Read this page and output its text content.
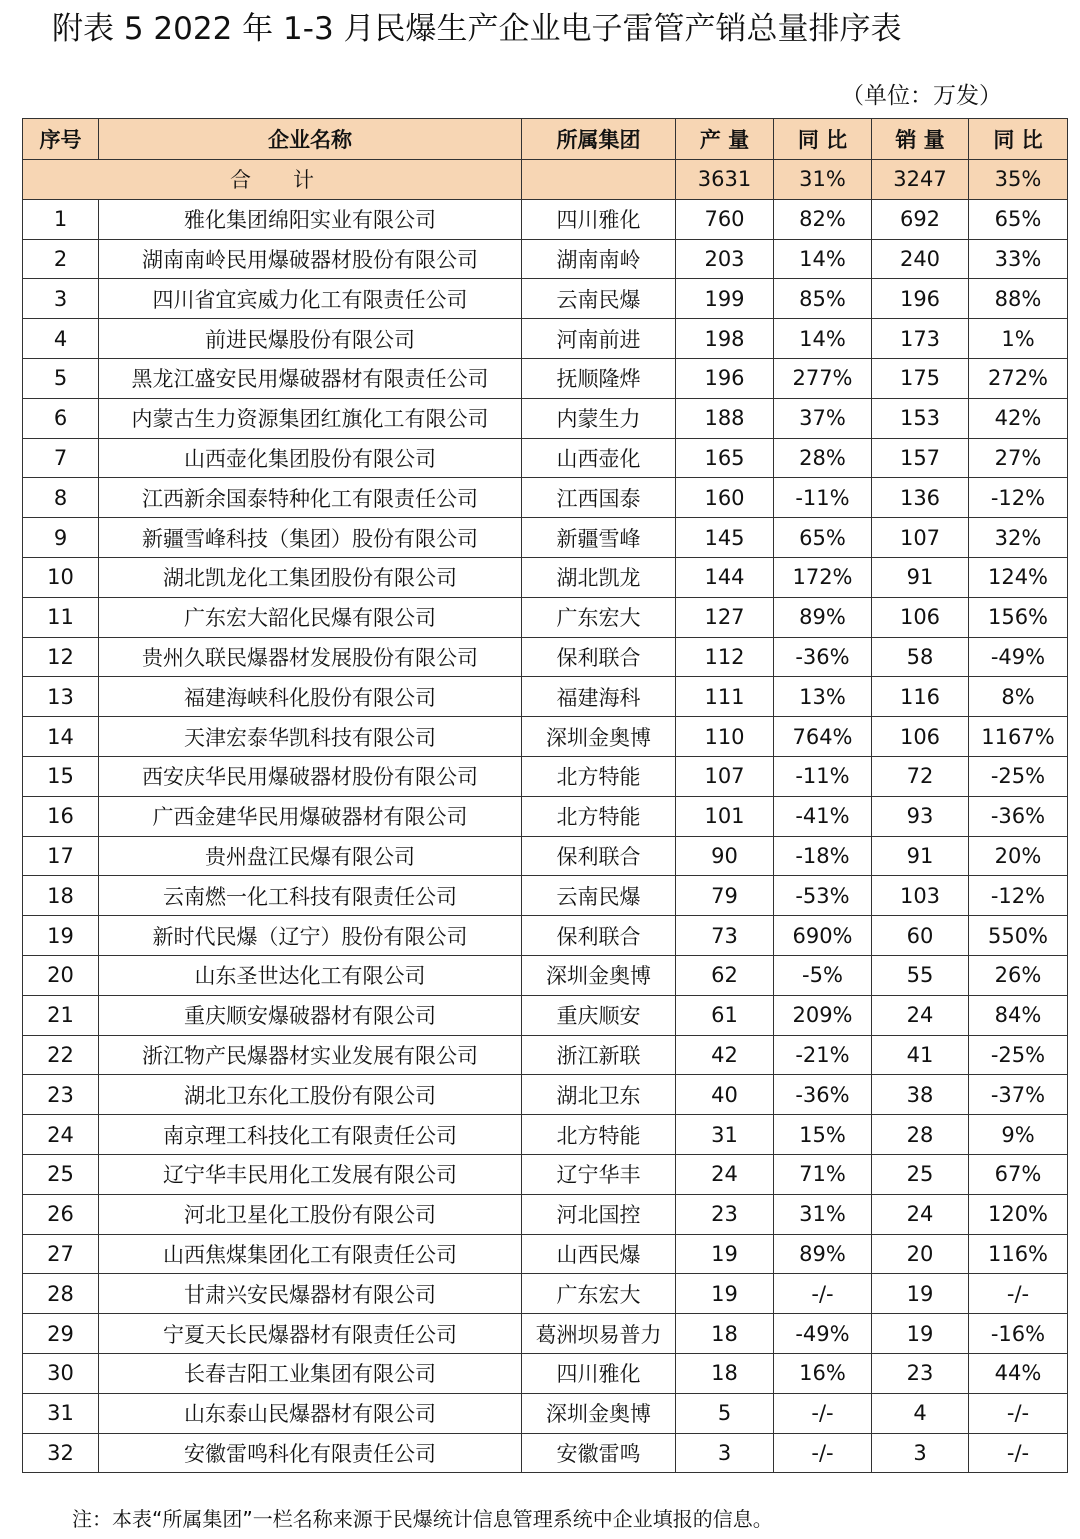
附表 5 2022 年 1-3 月民爆生产企业电子雷管产销总量排序表
（单位：万发）
序号	企业名称	所属集团	产 量	同 比	销 量	同 比
合　　计			3631	31%	3247	35%
1	雅化集团绵阳实业有限公司	四川雅化	760	82%	692	65%
2	湖南南岭民用爆破器材股份有限公司	湖南南岭	203	14%	240	33%
3	四川省宜宾威力化工有限责任公司	云南民爆	199	85%	196	88%
4	前进民爆股份有限公司	河南前进	198	14%	173	1%
5	黑龙江盛安民用爆破器材有限责任公司	抚顺隆烨	196	277%	175	272%
6	内蒙古生力资源集团红旗化工有限公司	内蒙生力	188	37%	153	42%
7	山西壶化集团股份有限公司	山西壶化	165	28%	157	27%
8	江西新余国泰特种化工有限责任公司	江西国泰	160	-11%	136	-12%
9	新疆雪峰科技（集团）股份有限公司	新疆雪峰	145	65%	107	32%
10	湖北凯龙化工集团股份有限公司	湖北凯龙	144	172%	91	124%
11	广东宏大韶化民爆有限公司	广东宏大	127	89%	106	156%
12	贵州久联民爆器材发展股份有限公司	保利联合	112	-36%	58	-49%
13	福建海峡科化股份有限公司	福建海科	111	13%	116	8%
14	天津宏泰华凯科技有限公司	深圳金奥博	110	764%	106	1167%
15	西安庆华民用爆破器材股份有限公司	北方特能	107	-11%	72	-25%
16	广西金建华民用爆破器材有限公司	北方特能	101	-41%	93	-36%
17	贵州盘江民爆有限公司	保利联合	90	-18%	91	20%
18	云南燃一化工科技有限责任公司	云南民爆	79	-53%	103	-12%
19	新时代民爆（辽宁）股份有限公司	保利联合	73	690%	60	550%
20	山东圣世达化工有限公司	深圳金奥博	62	-5%	55	26%
21	重庆顺安爆破器材有限公司	重庆顺安	61	209%	24	84%
22	浙江物产民爆器材实业发展有限公司	浙江新联	42	-21%	41	-25%
23	湖北卫东化工股份有限公司	湖北卫东	40	-36%	38	-37%
24	南京理工科技化工有限责任公司	北方特能	31	15%	28	9%
25	辽宁华丰民用化工发展有限公司	辽宁华丰	24	71%	25	67%
26	河北卫星化工股份有限公司	河北国控	23	31%	24	120%
27	山西焦煤集团化工有限责任公司	山西民爆	19	89%	20	116%
28	甘肃兴安民爆器材有限公司	广东宏大	19	-/-	19	-/-
29	宁夏天长民爆器材有限责任公司	葛洲坝易普力	18	-49%	19	-16%
30	长春吉阳工业集团有限公司	四川雅化	18	16%	23	44%
31	山东泰山民爆器材有限公司	深圳金奥博	5	-/-	4	-/-
32	安徽雷鸣科化有限责任公司	安徽雷鸣	3	-/-	3	-/-
注：本表“所属集团”一栏名称来源于民爆统计信息管理系统中企业填报的信息。
